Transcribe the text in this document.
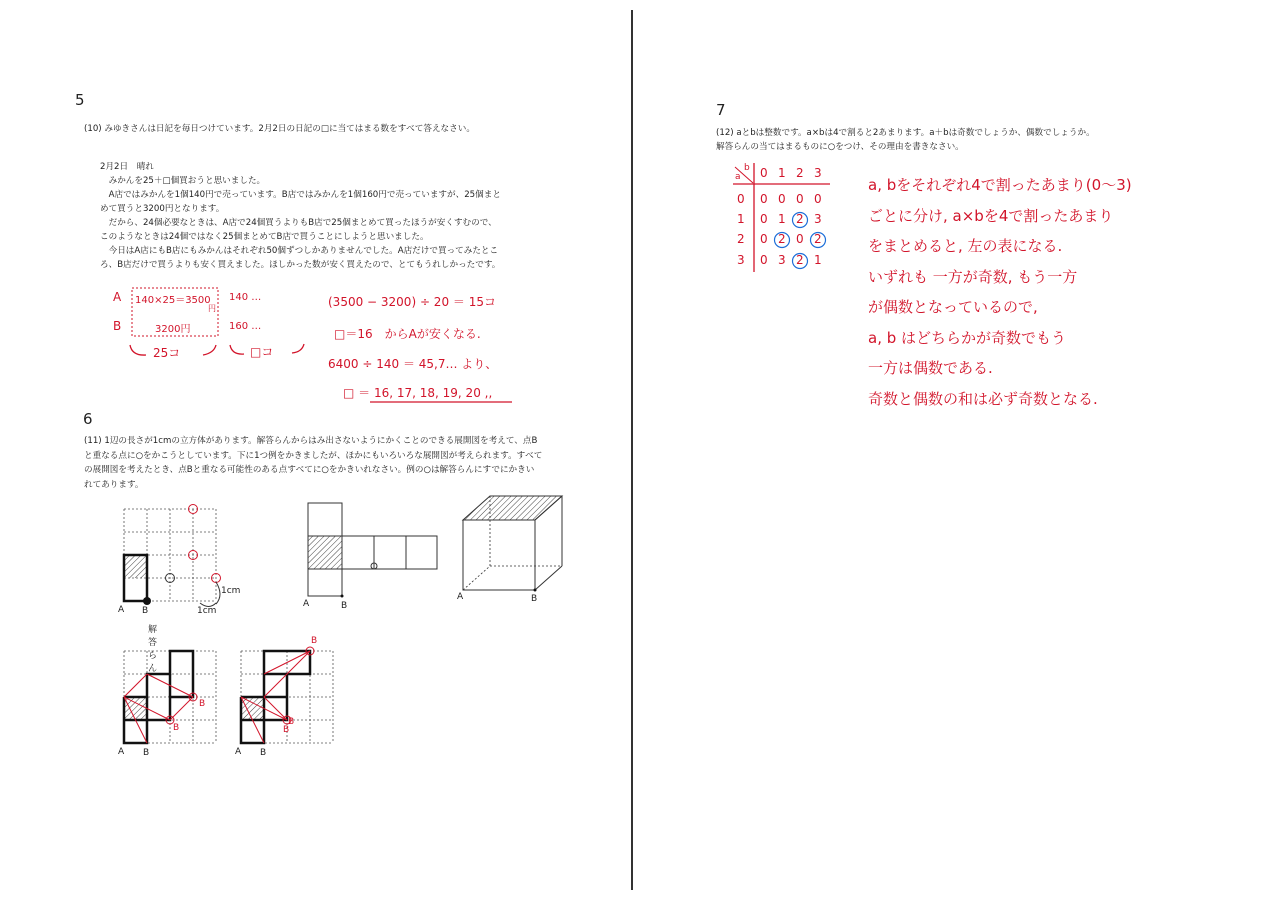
5
(10) みゆきさんは日記を毎日つけています。2月2日の日記の□に当てはまる数をすべて答えなさい。
2月2日　晴れ
　みかんを25＋□個買おうと思いました。
　A店ではみかんを1個140円で売っています。B店ではみかんを1個160円で売っていますが、25個まと
めて買うと3200円となります。
　だから、24個必要なときは、A店で24個買うよりもB店で25個まとめて買ったほうが安くすむので、
このようなときは24個ではなく25個まとめてB店で買うことにしようと思いました。
　今日はA店にもB店にもみかんはそれぞれ50個ずつしかありませんでした。A店だけで買ってみたとこ
ろ、B店だけで買うよりも安く買えました。ほしかった数が安く買えたので、とてもうれしかったです。
A
B
140×25＝3500
円
140 …
3200円	160 …
25コ	□コ
(3500 − 3200) ÷ 20 ＝ 15コ
□＝16　からAが安くなる.
6400 ÷ 140 ＝ 45,7… より、
□ ＝ 16, 17, 18, 19, 20 ,,
6
(11) 1辺の長さが1cmの立方体があります。解答らんからはみ出さないようにかくことのできる展開図を考えて、点B
と重なる点に○をかこうとしています。下に1つ例をかきましたが、ほかにもいろいろな展開図が考えられます。すべて
の展開図を考えたとき、点Bと重なる可能性のある点すべてに○をかきいれなさい。例の○は解答らんにすでにかきい
れてあります。
A B
1cm
1cm
解答らん
A	B
A	B
A B
B
B
A B
B
B
B
7
(12) aとbは整数です。a×bは4で割ると2あまります。a＋bは奇数でしょうか、偶数でしょうか。
解答らんの当てはまるものに○をつけ、その理由を書きなさい。
a
b 0 1 2 3
0 0 0 0 0
1 0 1 2 3
2 0 2 0 2
3 0 3 2 1
a, bをそれぞれ4で割ったあまり(0〜3)
ごとに分け, a×bを4で割ったあまり
をまとめると, 左の表になる.
いずれも 一方が奇数, もう一方
が偶数となっているので,
a, b はどちらかが奇数でもう
一方は偶数である.
奇数と偶数の和は必ず奇数となる.
